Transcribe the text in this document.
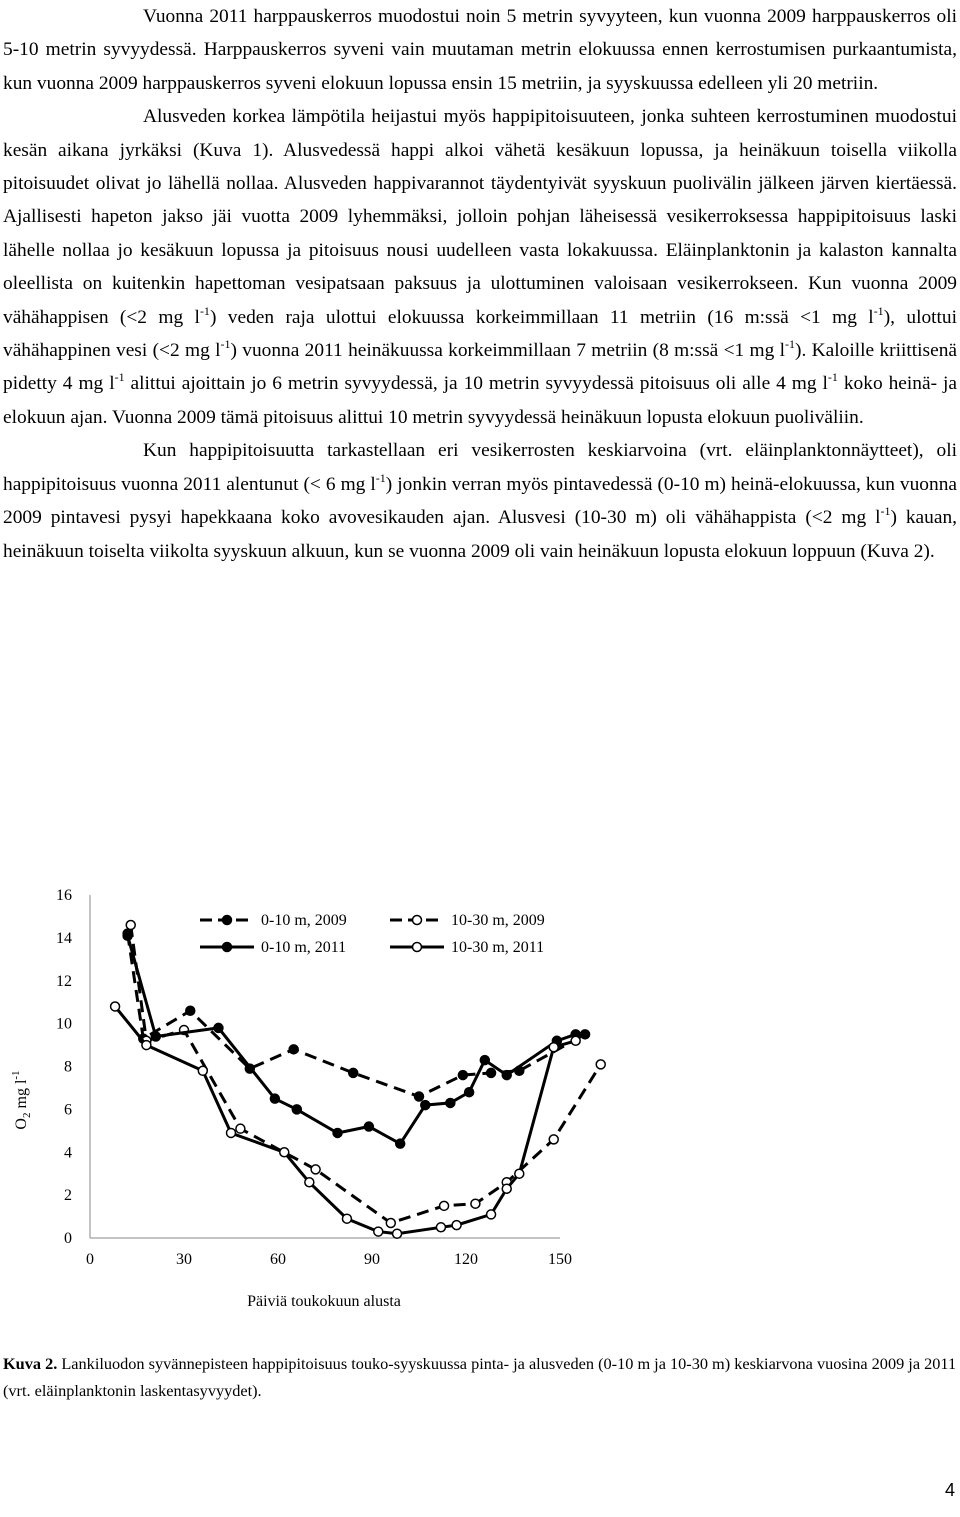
Vuonna 2011 harppauskerros muodostui noin 5 metrin syvyyteen, kun vuonna 2009 harppauskerros oli 5-10 metrin syvyydessä. Harppauskerros syveni vain muutaman metrin elokuussa ennen kerrostumisen purkaantumista, kun vuonna 2009 harppauskerros syveni elokuun lopussa ensin 15 metriin, ja syyskuussa edelleen yli 20 metriin.

Alusveden korkea lämpötila heijastui myös happipitoisuuteen, jonka suhteen kerrostuminen muodostui kesän aikana jyrkäksi (Kuva 1). Alusvedessä happi alkoi vähetä kesäkuun lopussa, ja heinäkuun toisella viikolla pitoisuudet olivat jo lähellä nollaa. Alusveden happivarannot täydentyivät syyskuun puolivälin jälkeen järven kiertäessä. Ajallisesti hapeton jakso jäi vuotta 2009 lyhemmäksi, jolloin pohjan läheisessä vesikerroksessa happipitoisuus laski lähelle nollaa jo kesäkuun lopussa ja pitoisuus nousi uudelleen vasta lokakuussa. Eläinplanktonin ja kalaston kannalta oleellista on kuitenkin hapettoman vesipatsaan paksuus ja ulottuminen valoisaan vesikerrokseen. Kun vuonna 2009 vähähappisen (<2 mg $l^{-1}$) veden raja ulottui elokuussa korkeimmillaan 11 metriin (16 m:ssä <1 mg $l^{-1}$), ulottui vähähappinen vesi (<2 mg $l^{-1}$) vuonna 2011 heinäkuussa korkeimmillaan 7 metriin (8 m:ssä <1 mg $l^{-1}$). Kaloille kriittisenä pidetty 4 mg $l^{-1}$ alittui ajoittain jo 6 metrin syvyydessä, ja 10 metrin syvyydessä pitoisuus oli alle 4 mg $l^{-1}$ koko heinä- ja elokuun ajan. Vuonna 2009 tämä pitoisuus alittui 10 metrin syvyydessä heinäkuun lopusta elokuun puoliväliin.

Kun happipitoisuutta tarkastellaan eri vesikerrosten keskiarvoina (vrt. eläinplanktonnäytteet), oli happipitoisuus vuonna 2011 alentunut (< 6 mg $l^{-1}$) jonkin verran myös pintavedessä (0-10 m) heinä-elokuussa, kun vuonna 2009 pintavesi pysyi hapekkaana koko avovesikauden ajan. Alusvesi (10-30 m) oli vähähappista (<2 mg $l^{-1}$) kauan, heinäkuun toiselta viikolta syyskuun alkuun, kun se vuonna 2009 oli vain heinäkuun lopusta elokuun loppuun (Kuva 2).

0
2
4
6
8
10
12
14
16
0	30	60	90	120	150
0-10 m, 2009	10-30 m, 2009
0-10 m, 2011	10-30 m, 2011
Päiviä toukokuun alusta
$O_2$ mg $l^{-1}$
Kuva 2. Lankiluodon syvännepisteen happipitoisuus touko-syyskuussa pinta- ja alusveden (0-10 m ja 10-30 m) keskiarvona vuosina 2009 ja 2011 (vrt. eläinplanktonin laskentasyvyydet).
4
